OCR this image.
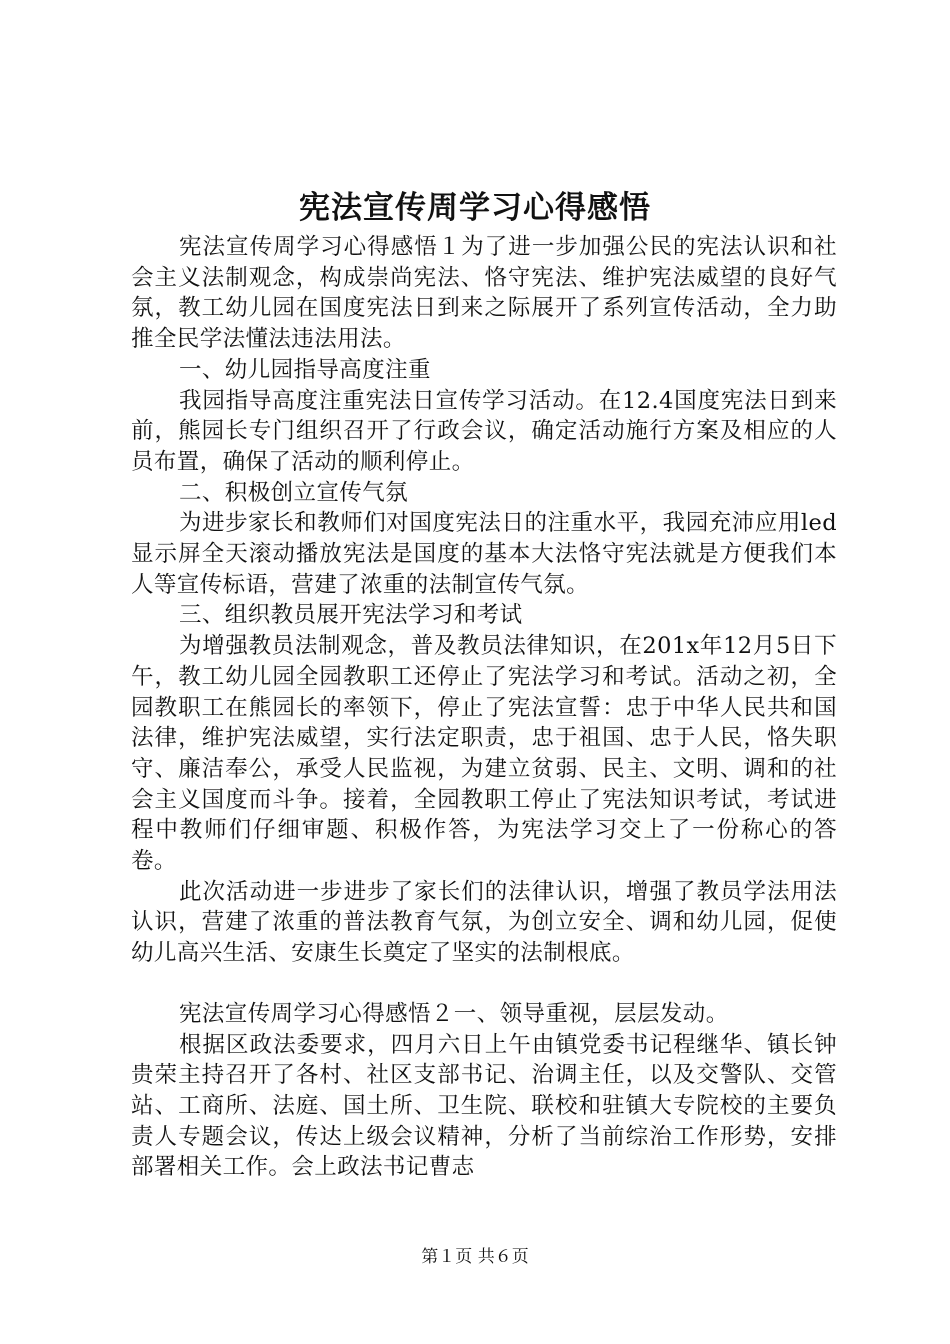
宪法宣传周学习心得感悟

宪法宣传周学习心得感悟１为了进一步加强公民的宪法认识和社会主义法制观念，构成崇尚宪法、恪守宪法、维护宪法威望的良好气氛，教工幼儿园在国度宪法日到来之际展开了系列宣传活动，全力助推全民学法懂法违法用法。

一、幼儿园指导高度注重

我园指导高度注重宪法日宣传学习活动。在12.4国度宪法日到来前，熊园长专门组织召开了行政会议，确定活动施行方案及相应的人员布置，确保了活动的顺利停止。

二、积极创立宣传气氛

为进步家长和教师们对国度宪法日的注重水平，我园充沛应用led显示屏全天滚动播放宪法是国度的基本大法恪守宪法就是方便我们本人等宣传标语，营建了浓重的法制宣传气氛。

三、组织教员展开宪法学习和考试

为增强教员法制观念，普及教员法律知识，在201x年12月5日下午，教工幼儿园全园教职工还停止了宪法学习和考试。活动之初，全园教职工在熊园长的率领下，停止了宪法宣誓：忠于中华人民共和国法律，维护宪法威望，实行法定职责，忠于祖国、忠于人民，恪失职守、廉洁奉公，承受人民监视，为建立贫弱、民主、文明、调和的社会主义国度而斗争。接着，全园教职工停止了宪法知识考试，考试进程中教师们仔细审题、积极作答，为宪法学习交上了一份称心的答卷。

此次活动进一步进步了家长们的法律认识，增强了教员学法用法认识，营建了浓重的普法教育气氛，为创立安全、调和幼儿园，促使幼儿高兴生活、安康生长奠定了坚实的法制根底。

宪法宣传周学习心得感悟２一、领导重视，层层发动。

根据区政法委要求，四月六日上午由镇党委书记程继华、镇长钟贵荣主持召开了各村、社区支部书记、治调主任，以及交警队、交管站、工商所、法庭、国土所、卫生院、联校和驻镇大专院校的主要负责人专题会议，传达上级会议精神，分析了当前综治工作形势，安排部署相关工作。会上政法书记曹志

第１页 共６页
